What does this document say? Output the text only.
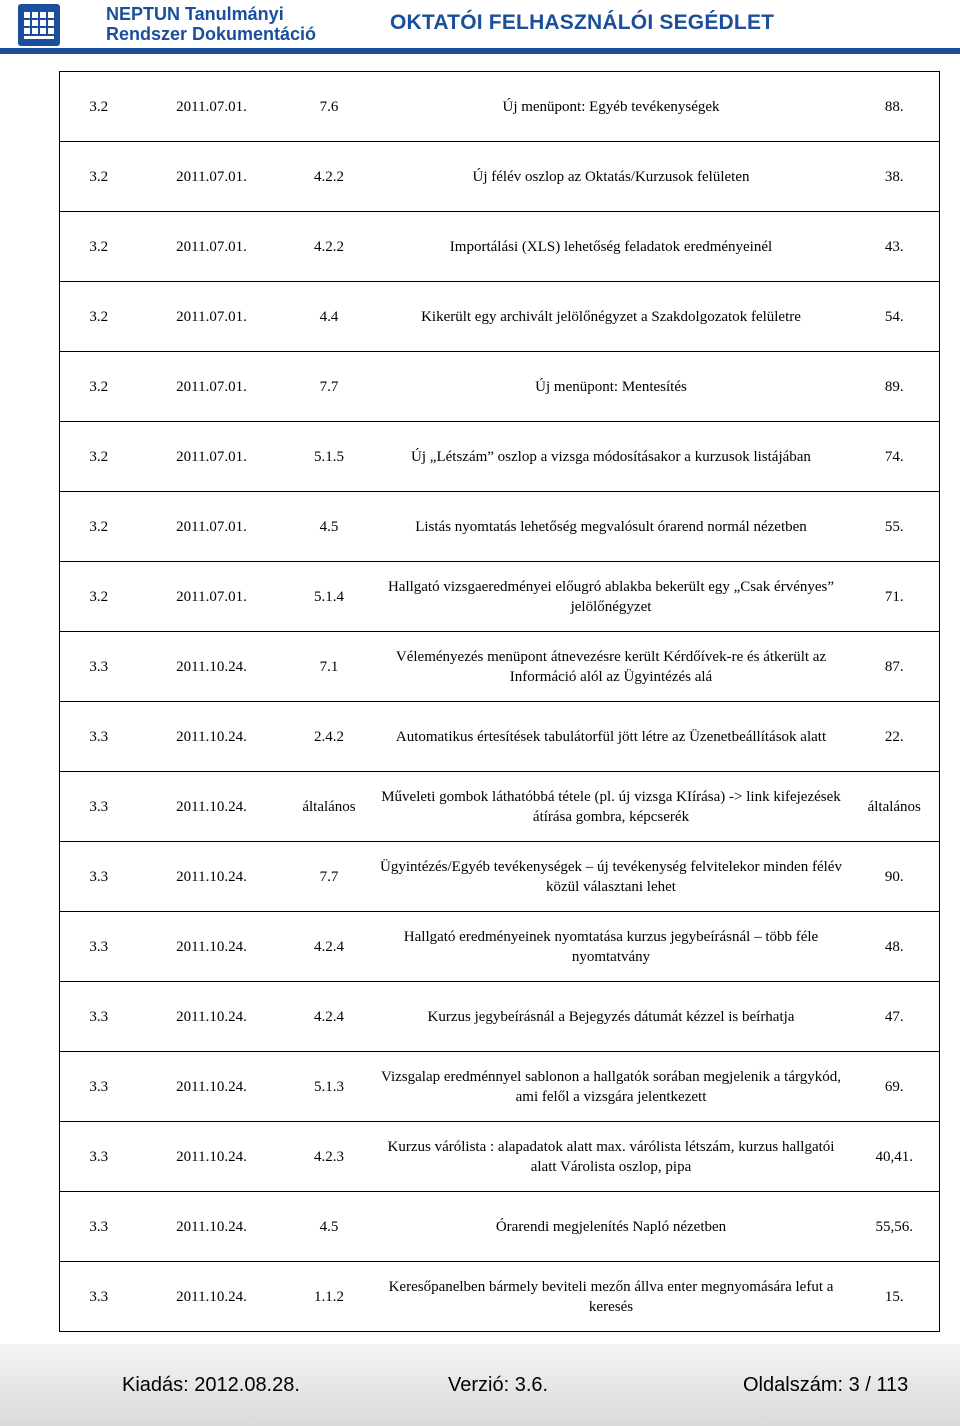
NEPTUN Tanulmányi
Rendszer Dokumentáció	OKTATÓI FELHASZNÁLÓI SEGÉDLET
3.2	2011.07.01.	7.6	Új menüpont: Egyéb tevékenységek	88.
3.2	2011.07.01.	4.2.2	Új félév oszlop az Oktatás/Kurzusok felületen	38.
3.2	2011.07.01.	4.2.2	Importálási (XLS) lehetőség feladatok eredményeinél	43.
3.2	2011.07.01.	4.4	Kikerült egy archivált jelölőnégyzet a Szakdolgozatok felületre	54.
3.2	2011.07.01.	7.7	Új menüpont: Mentesítés	89.
3.2	2011.07.01.	5.1.5	Új „Létszám” oszlop a vizsga módosításakor a kurzusok listájában	74.
3.2	2011.07.01.	4.5	Listás nyomtatás lehetőség megvalósult órarend normál nézetben	55.
3.2	2011.07.01.	5.1.4	Hallgató vizsgaeredményei előugró ablakba bekerült egy „Csak érvényes” jelölőnégyzet	71.
3.3	2011.10.24.	7.1	Véleményezés menüpont átnevezésre került Kérdőívek-re és átkerült az Információ alól az Ügyintézés alá	87.
3.3	2011.10.24.	2.4.2	Automatikus értesítések tabulátorfül jött létre az Üzenetbeállítások alatt	22.
3.3	2011.10.24.	általános	Műveleti gombok láthatóbbá tétele (pl. új vizsga KIírása) -> link kifejezések átírása gombra, képcserék	általános
3.3	2011.10.24.	7.7	Ügyintézés/Egyéb tevékenységek – új tevékenység felvitelekor minden félév közül választani lehet	90.
3.3	2011.10.24.	4.2.4	Hallgató eredményeinek nyomtatása kurzus jegybeírásnál – több féle nyomtatvány	48.
3.3	2011.10.24.	4.2.4	Kurzus jegybeírásnál a Bejegyzés dátumát kézzel is beírhatja	47.
3.3	2011.10.24.	5.1.3	Vizsgalap eredménnyel sablonon a hallgatók sorában megjelenik a tárgykód, ami felől a vizsgára jelentkezett	69.
3.3	2011.10.24.	4.2.3	Kurzus várólista : alapadatok alatt max. várólista létszám, kurzus hallgatói alatt Várolista oszlop, pipa	40,41.
3.3	2011.10.24.	4.5	Órarendi megjelenítés Napló nézetben	55,56.
3.3	2011.10.24.	1.1.2	Keresőpanelben bármely beviteli mezőn állva enter megnyomására lefut a keresés	15.
Kiadás: 2012.08.28.	Verzió: 3.6.	Oldalszám: 3 / 113
